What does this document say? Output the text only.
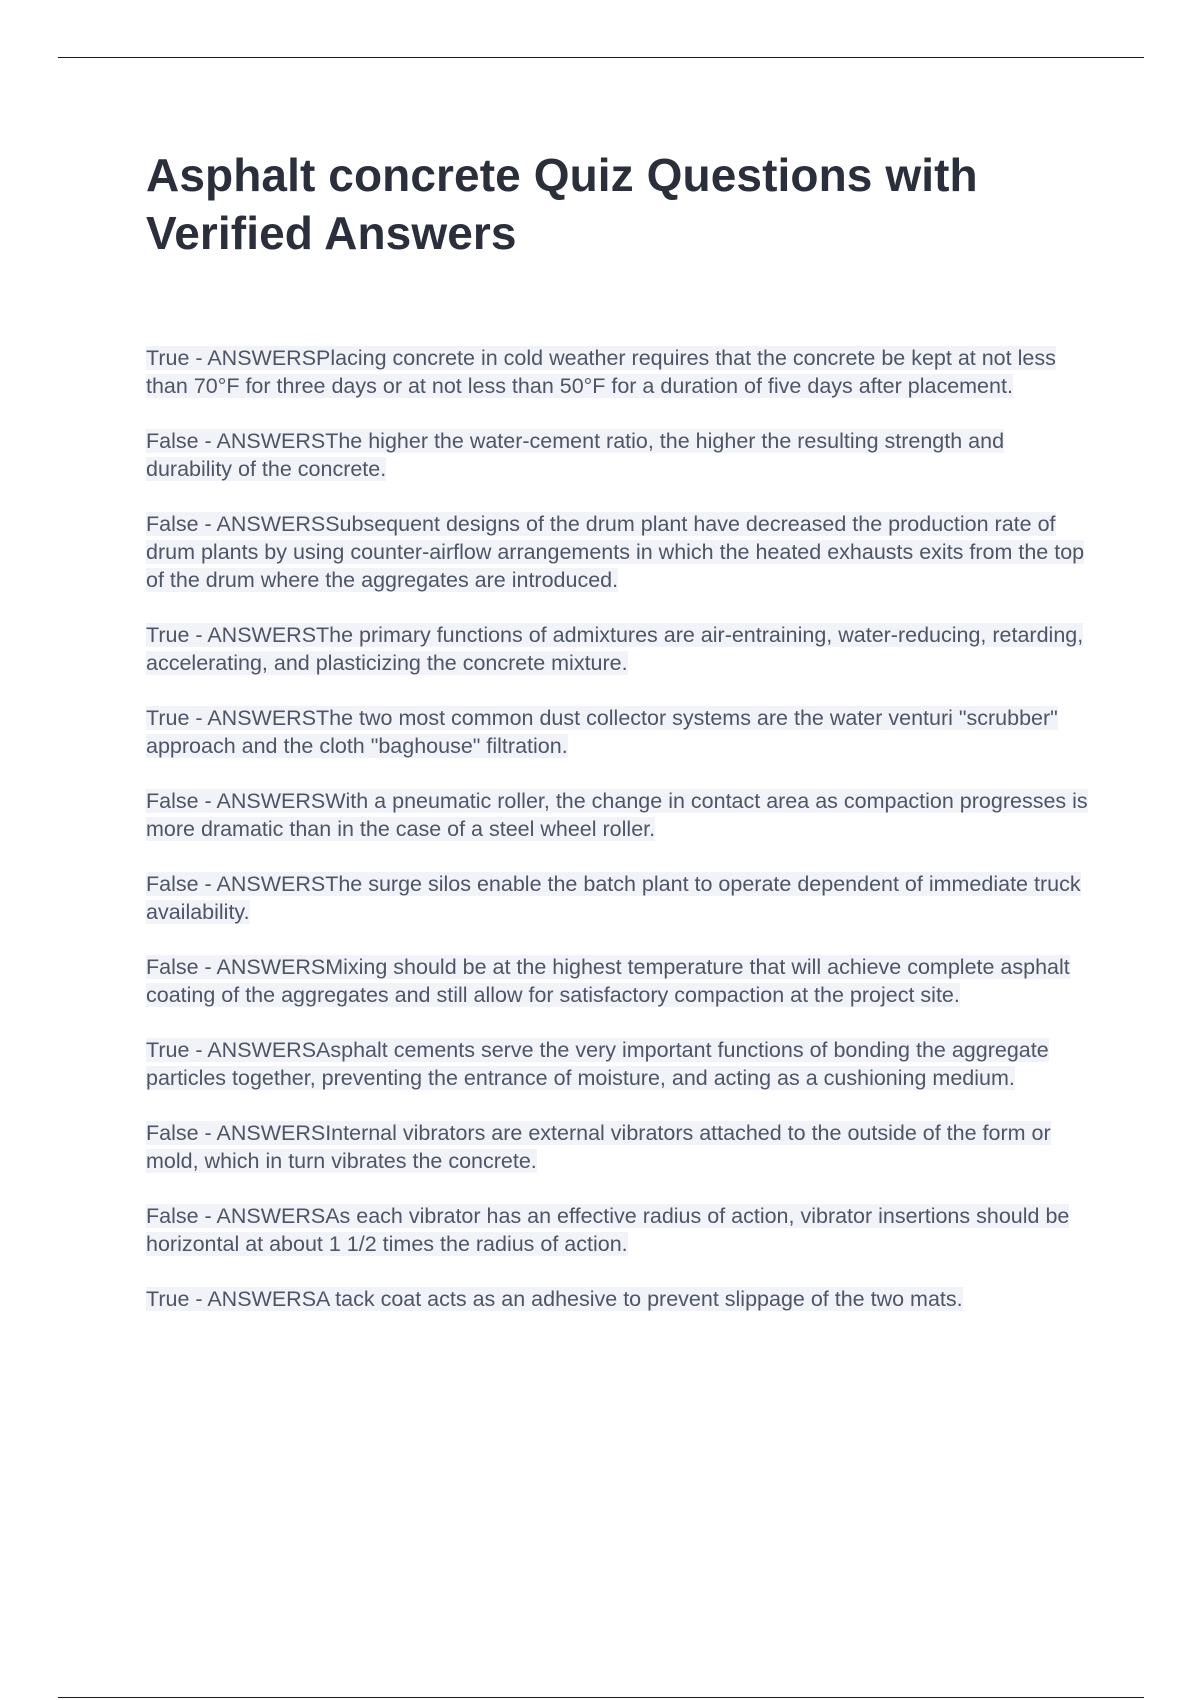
Asphalt concrete Quiz Questions with Verified Answers

True - ANSWERSPlacing concrete in cold weather requires that the concrete be kept at not less than 70°F for three days or at not less than 50°F for a duration of five days after placement.

False - ANSWERSThe higher the water-cement ratio, the higher the resulting strength and durability of the concrete.

False - ANSWERSSubsequent designs of the drum plant have decreased the production rate of drum plants by using counter-airflow arrangements in which the heated exhausts exits from the top of the drum where the aggregates are introduced.

True - ANSWERSThe primary functions of admixtures are air-entraining, water-reducing, retarding, accelerating, and plasticizing the concrete mixture.

True - ANSWERSThe two most common dust collector systems are the water venturi "scrubber" approach and the cloth "baghouse" filtration.

False - ANSWERSWith a pneumatic roller, the change in contact area as compaction progresses is more dramatic than in the case of a steel wheel roller.

False - ANSWERSThe surge silos enable the batch plant to operate dependent of immediate truck availability.

False - ANSWERSMixing should be at the highest temperature that will achieve complete asphalt coating of the aggregates and still allow for satisfactory compaction at the project site.

True - ANSWERSAsphalt cements serve the very important functions of bonding the aggregate particles together, preventing the entrance of moisture, and acting as a cushioning medium.

False - ANSWERSInternal vibrators are external vibrators attached to the outside of the form or mold, which in turn vibrates the concrete.

False - ANSWERSAs each vibrator has an effective radius of action, vibrator insertions should be horizontal at about 1 1/2 times the radius of action.

True - ANSWERSA tack coat acts as an adhesive to prevent slippage of the two mats.
